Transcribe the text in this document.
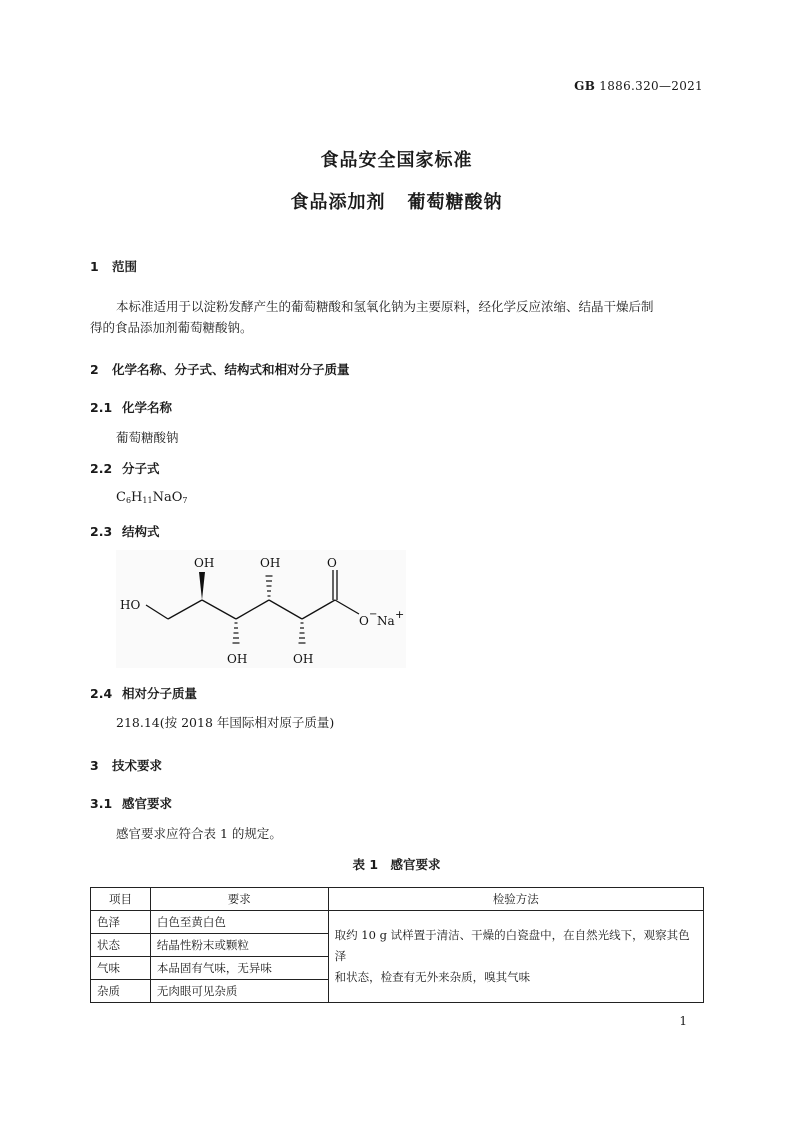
GB 1886.320—2021
食品安全国家标准
食品添加剂 葡萄糖酸钠
1 范围
本标准适用于以淀粉发酵产生的葡萄糖酸和氢氧化钠为主要原料，经化学反应浓缩、结晶干燥后制
得的食品添加剂葡萄糖酸钠。
2 化学名称、分子式、结构式和相对分子质量
2.1 化学名称
葡萄糖酸钠
2.2 分子式
$C_6H_{11}NaO_7$
2.3 结构式
OH	OH	O
HO
OH	OH
O Na
− +
2.4 相对分子质量
218.14(按 2018 年国际相对原子质量)
3 技术要求
3.1 感官要求
感官要求应符合表 1 的规定。
表 1　感官要求
项目	要求	检验方法
色泽	白色至黄白色	取约 10 g 试样置于清洁、干燥的白瓷盘中，在自然光线下，观察其色泽
和状态，检查有无外来杂质，嗅其气味

状态	结晶性粉末或颗粒	
气味	本品固有气味，无异味	
杂质	无肉眼可见杂质	
1
